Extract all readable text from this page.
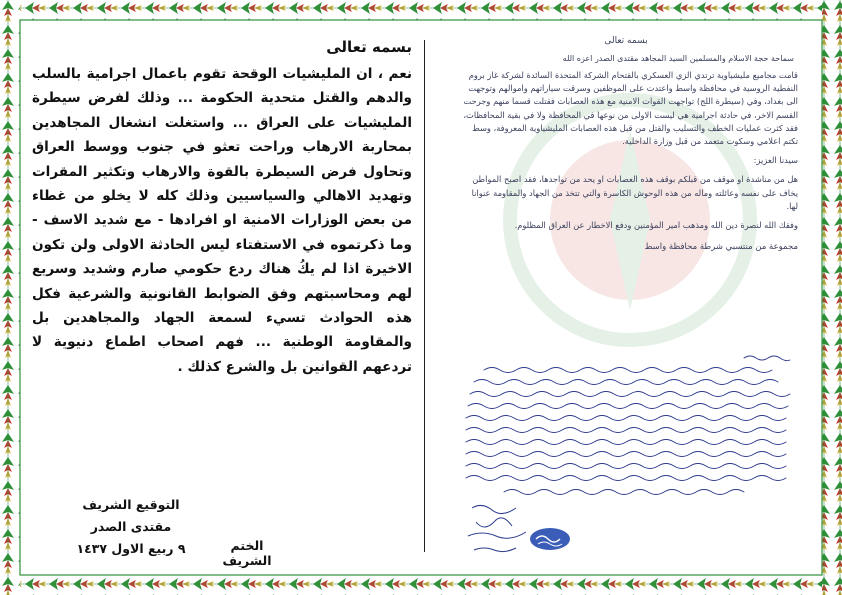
بسمه تعالى
نعم ، ان المليشيات الوقحة تقوم باعمال اجرامية بالسلب والدهم والقتل متحدية الحكومة ... وذلك لفرض سيطرة المليشيات على العراق ... واستغلت انشغال المجاهدين بمحاربة الارهاب وراحت تعثو في جنوب ووسط العراق وتحاول فرض السيطرة بالقوة والارهاب وتكثير المقرات وتهديد الاهالي والسياسيين وذلك كله لا يخلو من غطاء من بعض الوزارات الامنية او افرادها - مع شديد الاسف - وما ذكرتموه في الاستفتاء ليس الحادثة الاولى ولن تكون الاخيرة اذا لم يكُ هناك ردع حكومي صارم وشديد وسريع لهم ومحاسبتهم وفق الضوابط القانونية والشرعية فكل هذه الحوادث تسيء لسمعة الجهاد والمجاهدين بل والمقاومة الوطنية ... فهم اصحاب اطماع دنيوية لا تردعهم القوانين بل والشرع كذلك .
التوقيع الشريف
مقتدى الصدر
٩ ربيع الاول ١٤٣٧	الختم الشريف
بسمه تعالى
سماحة حجة الاسلام والمسلمين السيد المجاهد مقتدى الصدر اعزه الله
قامت مجاميع مليشياوية ترتدي الزي العسكري بالقتحام الشركة المتحدة السائدة لشركة غاز بروم النفطية الروسية في محافظة واسط واعتدت على الموظفين وسرقت سياراتهم واموالهم وتوجهت الى بغداد، وفي (سيطرة اللج) تواجهت القوات الامنية مع هذه العصابات فقتلت قسما منهم وجرحت القسم الاخر، في حادثة اجرامية هي ليست الاولى من نوعها في المحافظة ولا في بقية المحافظات، فقد كثرت عمليات الخطف والتسليب والقتل من قبل هذه العصابات المليشياوية المعروفة، وسط تكتم اعلامي وسكوت متعمد من قبل وزارة الداخلية.
سيدنا العزيز:
هل من مناشدة او موقف من قبلكم بوقف هذه العصابات او يحد من تواجدها، فقد اصبح المواطن يخاف على نفسه وعائلته وماله من هذه الوحوش الكاسرة والتي تتخذ من الجهاد والمقاومة عنوانا لها.
وفقك الله لنصرة دين الله ومذهب امير المؤمنين ودفع الاخطار عن العراق المظلوم.
مجموعة من منتسبي شرطة محافظة واسط
